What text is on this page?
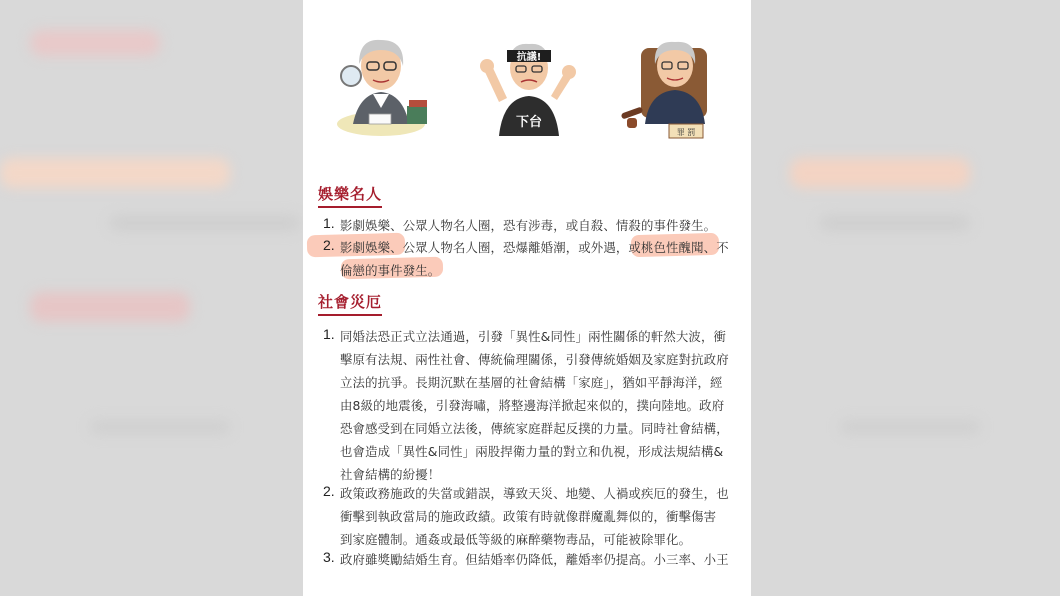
下台
抗議!
罪 罰
娛樂名人
1. 影劇娛樂、公眾人物名人圈，恐有涉毒，或自殺、情殺的事件發生。
2. 影劇娛樂、公眾人物名人圈，恐爆離婚潮，或外遇，或桃色性醜聞、不
倫戀的事件發生。
社會災厄
1. 同婚法恐正式立法通過，引發「異性&同性」兩性關係的軒然大波，衝
擊原有法規、兩性社會、傳統倫理關係，引發傳統婚姻及家庭對抗政府
立法的抗爭。長期沉默在基層的社會結構「家庭」，猶如平靜海洋，經
由8級的地震後，引發海嘯，將整邊海洋掀起來似的，撲向陸地。政府
恐會感受到在同婚立法後，傳統家庭群起反撲的力量。同時社會結構，
也會造成「異性&同性」兩股捍衛力量的對立和仇視，形成法規結構&
社會結構的紛擾！
2. 政策政務施政的失當或錯誤，導致天災、地變、人禍或疾厄的發生，也
衝擊到執政當局的施政政績。政策有時就像群魔亂舞似的，衝擊傷害
到家庭體制。通姦或最低等級的麻醉藥物毒品，可能被除罪化。
3. 政府雖獎勵結婚生育。但結婚率仍降低，離婚率仍提高。小三率、小王
